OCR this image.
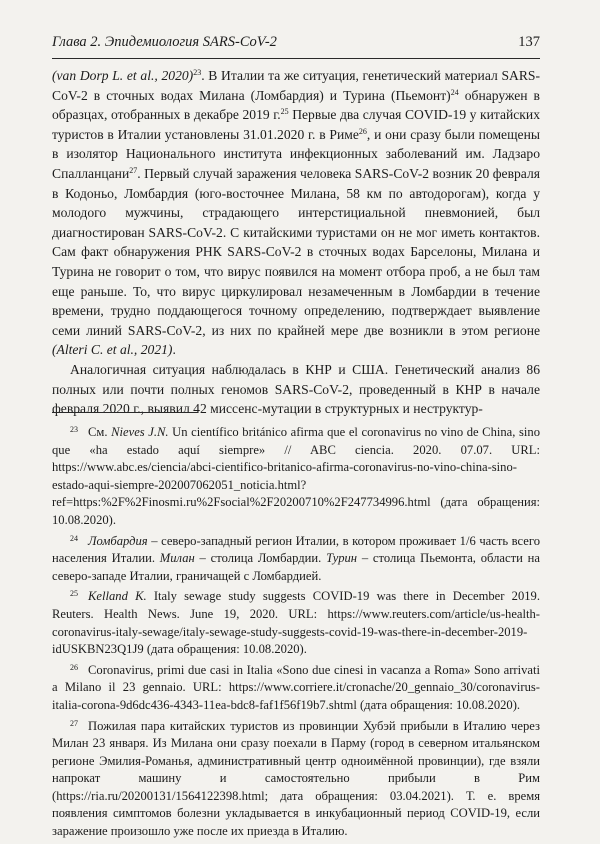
Глава 2. Эпидемиология SARS-CoV-2	137

(van Dorp L. et al., 2020)$^{23}$. В Италии та же ситуация, генетический материал SARS-CoV-2 в сточных водах Милана (Ломбардия) и Турина (Пьемонт)$^{24}$ обнаружен в образцах, отобранных в декабре 2019 г.$^{25}$ Первые два случая COVID-19 у китайских туристов в Италии установлены 31.01.2020 г. в Риме$^{26}$, и они сразу были помещены в изолятор Национального института инфекционных заболеваний им. Ладзаро Спалланцани$^{27}$. Первый случай заражения человека SARS-CoV-2 возник 20 февраля в Кодоньо, Ломбардия (юго-восточнее Милана, 58 км по автодорогам), когда у молодого мужчины, страдающего интерстициальной пневмонией, был диагностирован SARS-CoV-2. С китайскими туристами он не мог иметь контактов. Сам факт обнаружения РНК SARS-CoV-2 в сточных водах Барселоны, Милана и Турина не говорит о том, что вирус появился на момент отбора проб, а не был там еще раньше. То, что вирус циркулировал незамеченным в Ломбардии в течение времени, трудно поддающегося точному определению, подтверждает выявление семи линий SARS-CoV-2, из них по крайней мере две возникли в этом регионе (Alteri C. et al., 2021).

Аналогичная ситуация наблюдалась в КНР и США. Генетический анализ 86 полных или почти полных геномов SARS-CoV-2, проведенный в КНР в начале февраля 2020 г., выявил 42 миссенс-мутации в структурных и неструктур-

$^{23}$ См. Nieves J.N. Un científico británico afirma que el coronavirus no vino de China, sino que «ha estado aquí siempre» // ABC ciencia. 2020. 07.07. URL: https://www.abc.es/ciencia/abci-cientifico-britanico-afirma-coronavirus-no-vino-china-sino-estado-aqui-siempre-202007062051_noticia.html?ref=https:%2F%2Finosmi.ru%2Fsocial%2F20200710%2F247734996.html (дата обращения: 10.08.2020).

$^{24}$ Ломбардия – северо-западный регион Италии, в котором проживает 1/6 часть всего населения Италии. Милан – столица Ломбардии. Турин – столица Пьемонта, области на северо-западе Италии, граничащей с Ломбардией.

$^{25}$ Kelland K. Italy sewage study suggests COVID-19 was there in December 2019. Reuters. Health News. June 19, 2020. URL: https://www.reuters.com/article/us-health-coronavirus-italy-sewage/italy-sewage-study-suggests-covid-19-was-there-in-december-2019-idUSKBN23Q1J9 (дата обращения: 10.08.2020).

$^{26}$ Coronavirus, primi due casi in Italia «Sono due cinesi in vacanza a Roma» Sono arrivati a Milano il 23 gennaio. URL: https://www.corriere.it/cronache/20_gennaio_30/coronavirus-italia-corona-9d6dc436-4343-11ea-bdc8-faf1f56f19b7.shtml (дата обращения: 10.08.2020).

$^{27}$ Пожилая пара китайских туристов из провинции Хубэй прибыли в Италию через Милан 23 января. Из Милана они сразу поехали в Парму (город в северном итальянском регионе Эмилия-Романья, административный центр одноимённой провинции), где взяли напрокат машину и самостоятельно прибыли в Рим (https://ria.ru/20200131/1564122398.html; дата обращения: 03.04.2021). Т. е. время появления симптомов болезни укладывается в инкубационный период COVID-19, если заражение произошло уже после их приезда в Италию.
